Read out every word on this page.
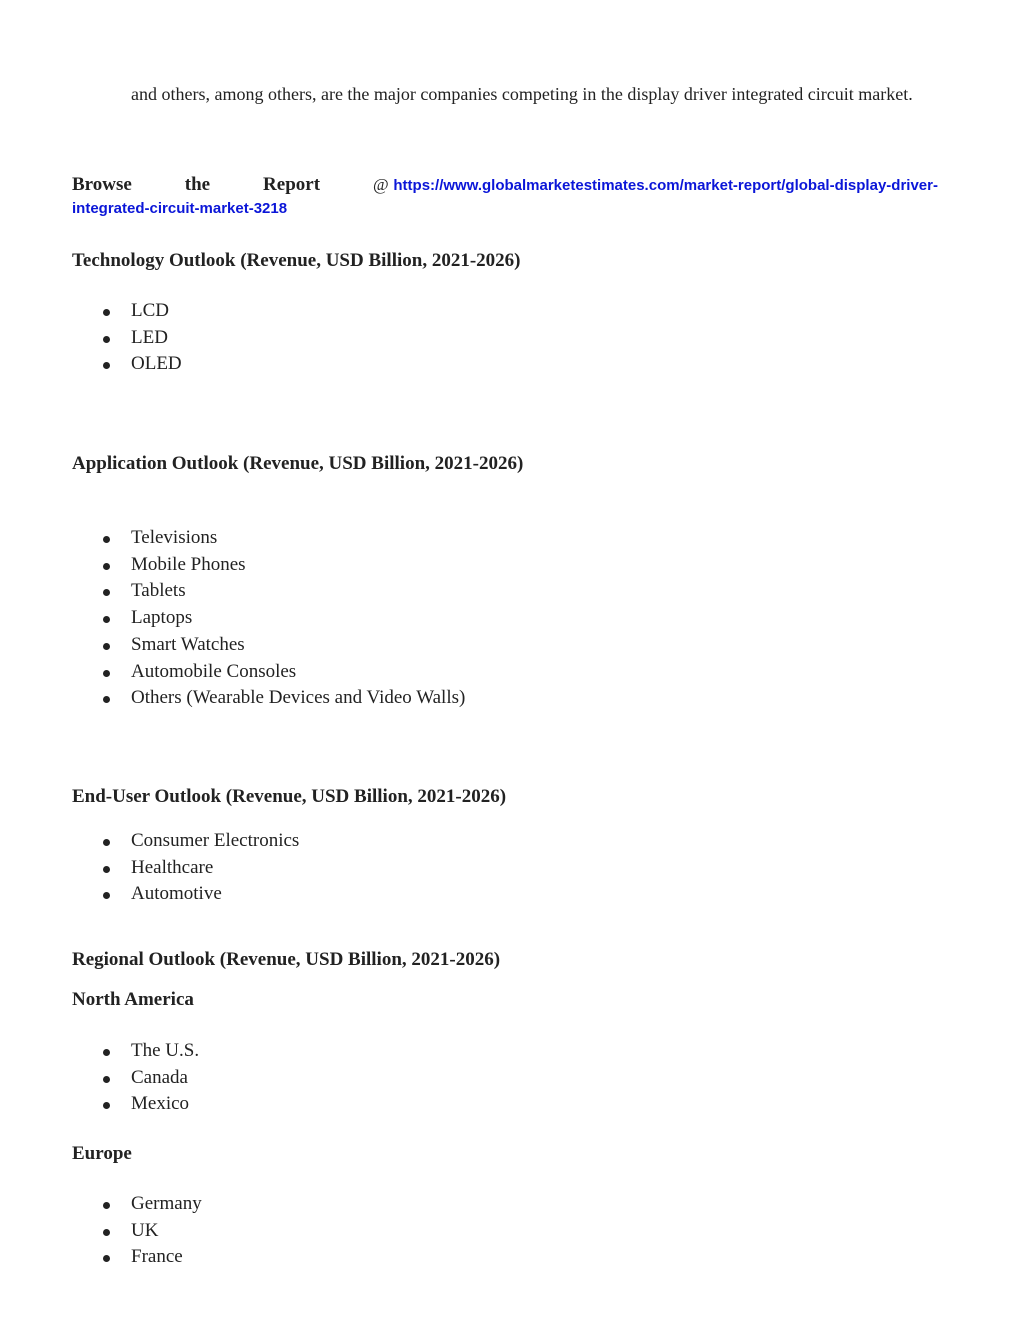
and others, among others, are the major companies competing in the display driver integrated circuit market.
Browse	the	Report	@ https://www.globalmarketestimates.com/market-report/global-display-driver-
integrated-circuit-market-3218
Technology Outlook (Revenue, USD Billion, 2021-2026)
LCD
LED
OLED
Application Outlook (Revenue, USD Billion, 2021-2026)
Televisions
Mobile Phones
Tablets
Laptops
Smart Watches
Automobile Consoles
Others (Wearable Devices and Video Walls)
End-User Outlook (Revenue, USD Billion, 2021-2026)
Consumer Electronics
Healthcare
Automotive
Regional Outlook (Revenue, USD Billion, 2021-2026)
North America
The U.S.
Canada
Mexico
Europe
Germany
UK
France
